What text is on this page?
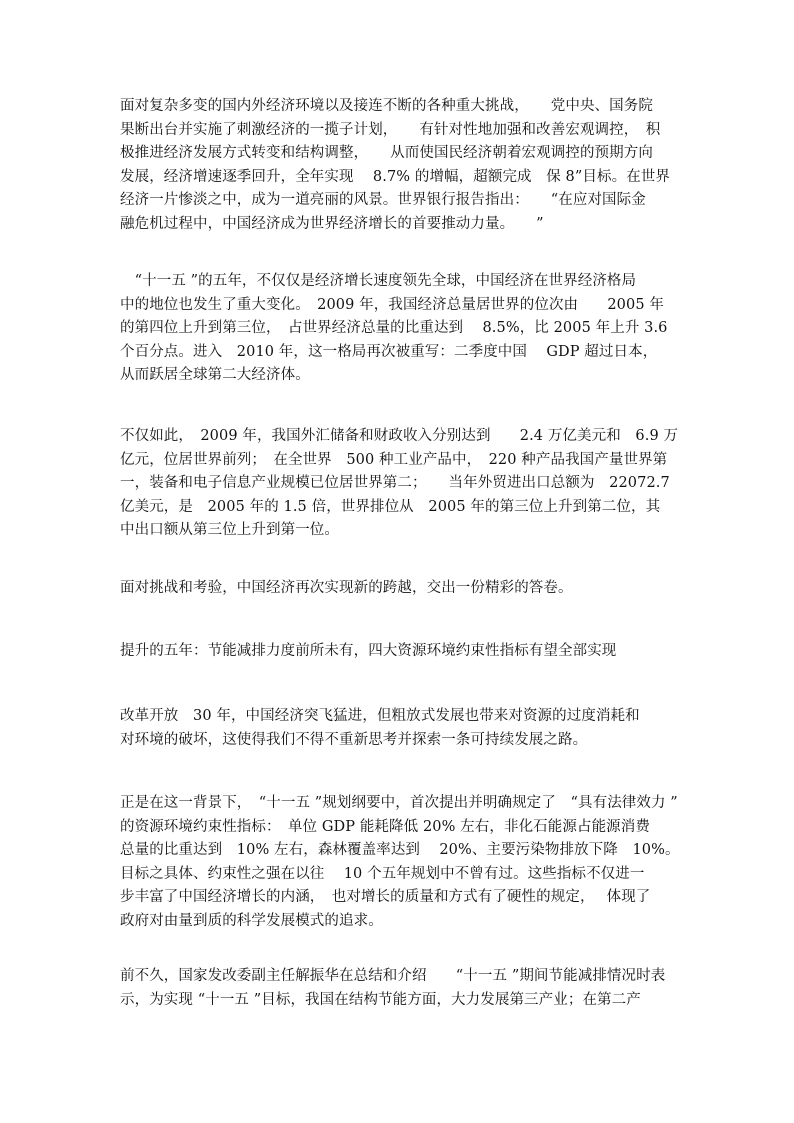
面对复杂多变的国内外经济环境以及接连不断的各种重大挑战，　　党中央、国务院
果断出台并实施了刺激经济的一揽子计划，　　有针对性地加强和改善宏观调控，　积
极推进经济发展方式转变和结构调整，　　从而使国民经济朝着宏观调控的预期方向
发展，经济增速逐季回升，全年实现　 8.7% 的增幅，超额完成　保 8”目标。在世界
经济一片惨淡之中，成为一道亮丽的风景。世界银行报告指出：　　“在应对国际金
融危机过程中，中国经济成为世界经济增长的首要推动力量。　　”
　“十一五 ”的五年，不仅仅是经济增长速度领先全球，中国经济在世界经济格局
中的地位也发生了重大变化。　2009 年，我国经济总量居世界的位次由　　2005 年
的第四位上升到第三位，　占世界经济总量的比重达到　 8.5%，比 2005 年上升 3.6
个百分点。进入　2010 年，这一格局再次被重写：二季度中国　 GDP 超过日本，
从而跃居全球第二大经济体。
不仅如此，　2009 年，我国外汇储备和财政收入分别达到　　2.4 万亿美元和　6.9 万
亿元，位居世界前列；　在全世界　500 种工业产品中，　220 种产品我国产量世界第
一，装备和电子信息产业规模已位居世界第二；　　当年外贸进出口总额为　22072.7
亿美元，是　2005 年的 1.5 倍，世界排位从　2005 年的第三位上升到第二位，其
中出口额从第三位上升到第一位。
面对挑战和考验，中国经济再次实现新的跨越，交出一份精彩的答卷。
提升的五年：节能减排力度前所未有，四大资源环境约束性指标有望全部实现
改革开放　30 年，中国经济突飞猛进，但粗放式发展也带来对资源的过度消耗和
对环境的破坏，这使得我们不得不重新思考并探索一条可持续发展之路。
正是在这一背景下，　“十一五 ”规划纲要中，首次提出并明确规定了　“具有法律效力 ”
的资源环境约束性指标：　单位 GDP 能耗降低 20% 左右，非化石能源占能源消费
总量的比重达到　10% 左右，森林覆盖率达到　 20%、主要污染物排放下降　10%。
目标之具体、约束性之强在以往　 10 个五年规划中不曾有过。这些指标不仅进一
步丰富了中国经济增长的内涵，　也对增长的质量和方式有了硬性的规定，　 体现了
政府对由量到质的科学发展模式的追求。
前不久，国家发改委副主任解振华在总结和介绍　　“十一五 ”期间节能减排情况时表
示，为实现 “十一五 ”目标，我国在结构节能方面，大力发展第三产业；在第二产
